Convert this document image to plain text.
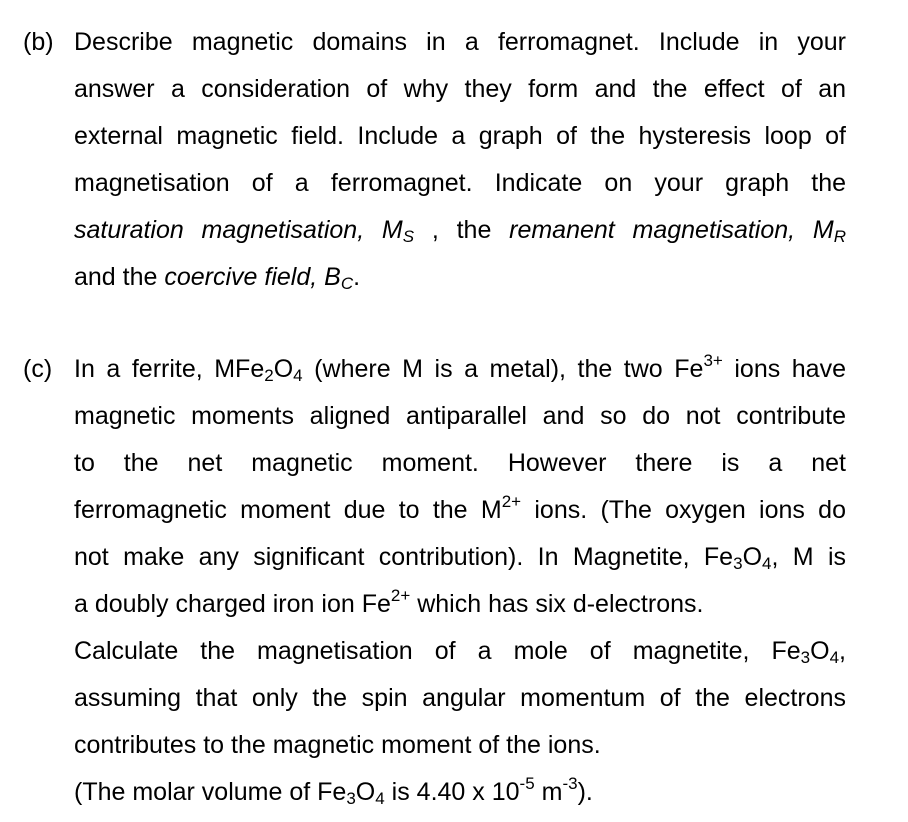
(b) Describe magnetic domains in a ferromagnet. Include in your
answer a consideration of why they form and the effect of an
external magnetic field. Include a graph of the hysteresis loop of
magnetisation of a ferromagnet. Indicate on your graph the
saturation magnetisation, $M_S$ , the remanent magnetisation, $M_R$
and the coercive field, $B_C$.
(c) In a ferrite, $MFe_2O_4$ (where M is a metal), the two $Fe^{3+}$ ions have
magnetic moments aligned antiparallel and so do not contribute
to the net magnetic moment. However there is a net
ferromagnetic moment due to the $M^{2+}$ ions. (The oxygen ions do
not make any significant contribution). In Magnetite, $Fe_3O_4$, M is
a doubly charged iron ion $Fe^{2+}$ which has six d-electrons.
Calculate the magnetisation of a mole of magnetite, $Fe_3O_4$,
assuming that only the spin angular momentum of the electrons
contributes to the magnetic moment of the ions.
(The molar volume of $Fe_3O_4$ is 4.40 x $10^{-5}$ $m^{-3}$).
